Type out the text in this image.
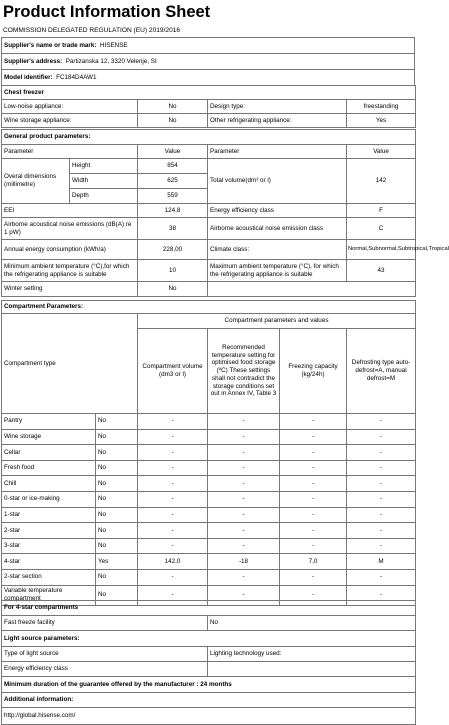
Product Information Sheet
COMMISSION DELEGATED REGULATION (EU) 2019/2016
Supplier's name or trade mark: HISENSE
Supplier's address: Partizanska 12, 3320 Velenje, SI
Model identifier: FC184D4AW1
Chest freezer			
Low-noise appliance:	No	Design type:	freestanding
Wine storage appliance:	No	Other refrigerating appliance:	Yes
General product parameters:				
Parameter		Value	Parameter	Value
Overal dimensions (millimetre)	Height	854	Total volume(dm³ or l)	142
	Width	625		
	Depth	559		
EEI		124,8	Energy efficiency class	F
Airborne acoustical noise emissions (dB(A) re 1 pW)		38	Airborne acoustical noise emission class	C
Annual energy consumption (kWh/a)		228,00	Climate class:	Normal,Subnormal,Subtropical,Tropical
Minimum ambient temperature (°C),for which the refrigerating appliance is suitable		10	Maximum ambient temperature (°C), for which the refrigerating appliance is suitable	43
Winter setting		No		
Compartment Parameters:					
Compartment type		Compartment parameters and values			
		Compartment volume (dm3 or l)	Recommended temperature setting for optimised food storage (ºC) These settings shall not contradict the storage conditions set out in Annex IV, Table 3	Freezing capacity (kg/24h)	Defrosting type auto-defrost=A, manual defrost=M
Pantry	No	-	-	-	-
Wine storage	No	-	-	-	-
Cellar	No	-	-	-	-
Fresh food	No	-	-	-	-
Chill	No	-	-	-	-
0-star or ice-making	No	-	-	-	-
1-star	No	-	-	-	-
2-star	No	-	-	-	-
3-star	No	-	-	-	-
4-star	Yes	142,0	-18	7,0	M
2-star section	No	-	-	-	-
Variable temperature compartment	No	-	-	-	-
For 4-star compartments	
Fast freeze facility	No
Light source parameters:	
Type of light source	Lighting technology used:
Energy efficiency class	
Minimum duration of the guarantee offered by the manufacturer : 24 months	
Additional information:	
http://global.hisense.com/	
